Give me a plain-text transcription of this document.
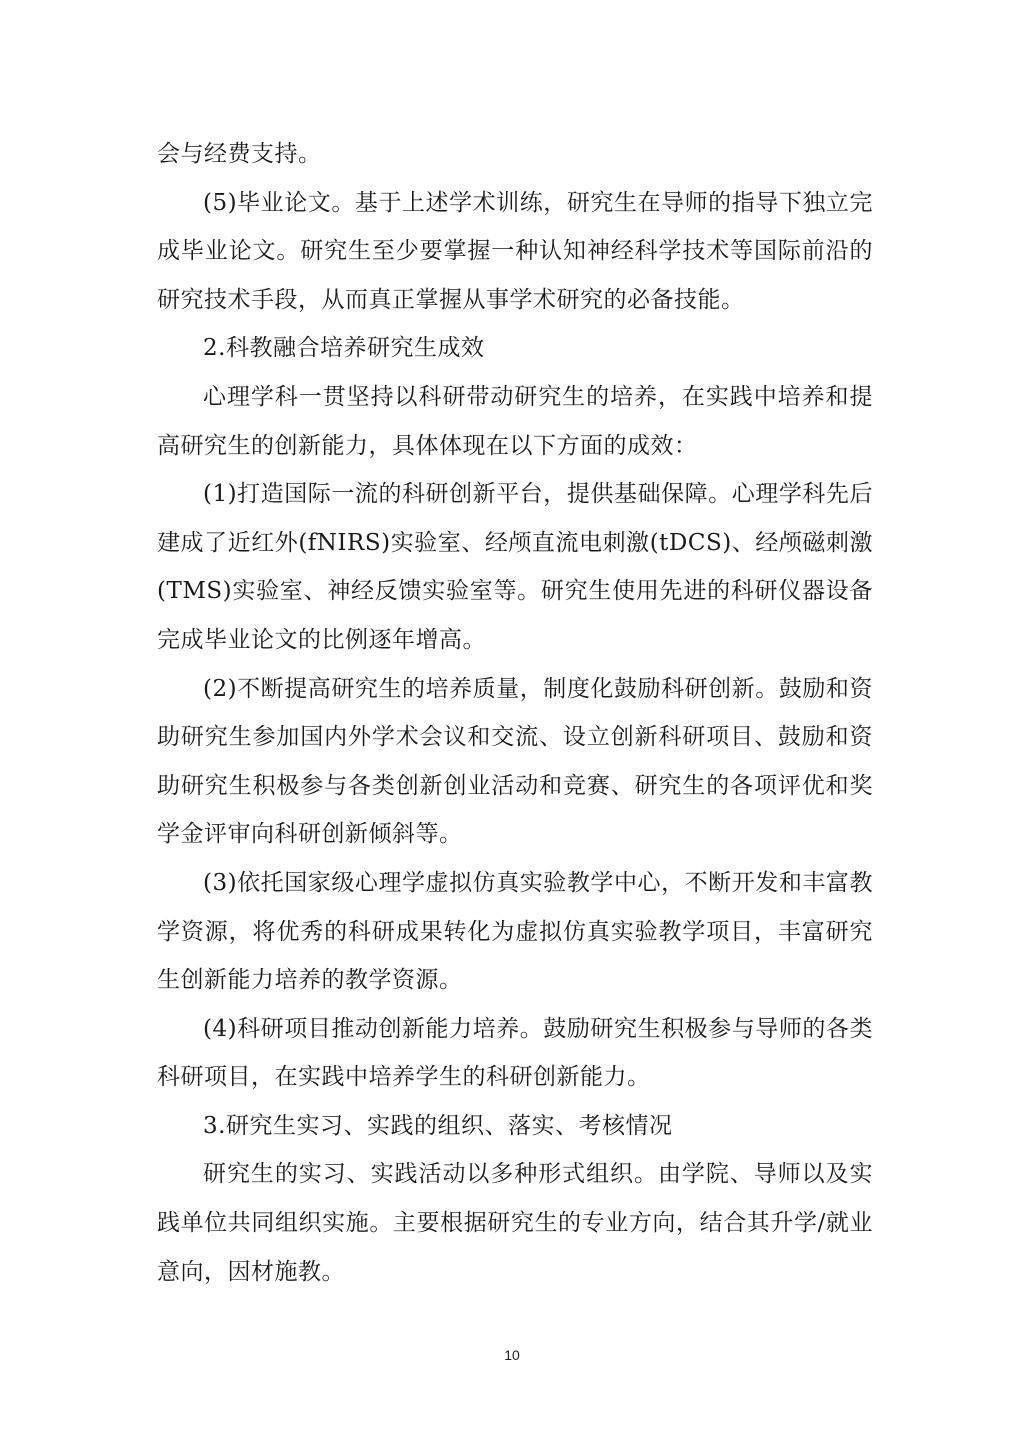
会与经费支持。

(5)毕业论文。基于上述学术训练，研究生在导师的指导下独立完成毕业论文。研究生至少要掌握一种认知神经科学技术等国际前沿的研究技术手段，从而真正掌握从事学术研究的必备技能。

2.科教融合培养研究生成效

心理学科一贯坚持以科研带动研究生的培养，在实践中培养和提高研究生的创新能力，具体体现在以下方面的成效：

(1)打造国际一流的科研创新平台，提供基础保障。心理学科先后建成了近红外(fNIRS)实验室、经颅直流电刺激(tDCS)、经颅磁刺激(TMS)实验室、神经反馈实验室等。研究生使用先进的科研仪器设备完成毕业论文的比例逐年增高。

(2)不断提高研究生的培养质量，制度化鼓励科研创新。鼓励和资助研究生参加国内外学术会议和交流、设立创新科研项目、鼓励和资助研究生积极参与各类创新创业活动和竞赛、研究生的各项评优和奖学金评审向科研创新倾斜等。

(3)依托国家级心理学虚拟仿真实验教学中心，不断开发和丰富教学资源，将优秀的科研成果转化为虚拟仿真实验教学项目，丰富研究生创新能力培养的教学资源。

(4)科研项目推动创新能力培养。鼓励研究生积极参与导师的各类科研项目，在实践中培养学生的科研创新能力。

3.研究生实习、实践的组织、落实、考核情况

研究生的实习、实践活动以多种形式组织。由学院、导师以及实践单位共同组织实施。主要根据研究生的专业方向，结合其升学/就业意向，因材施教。

10
